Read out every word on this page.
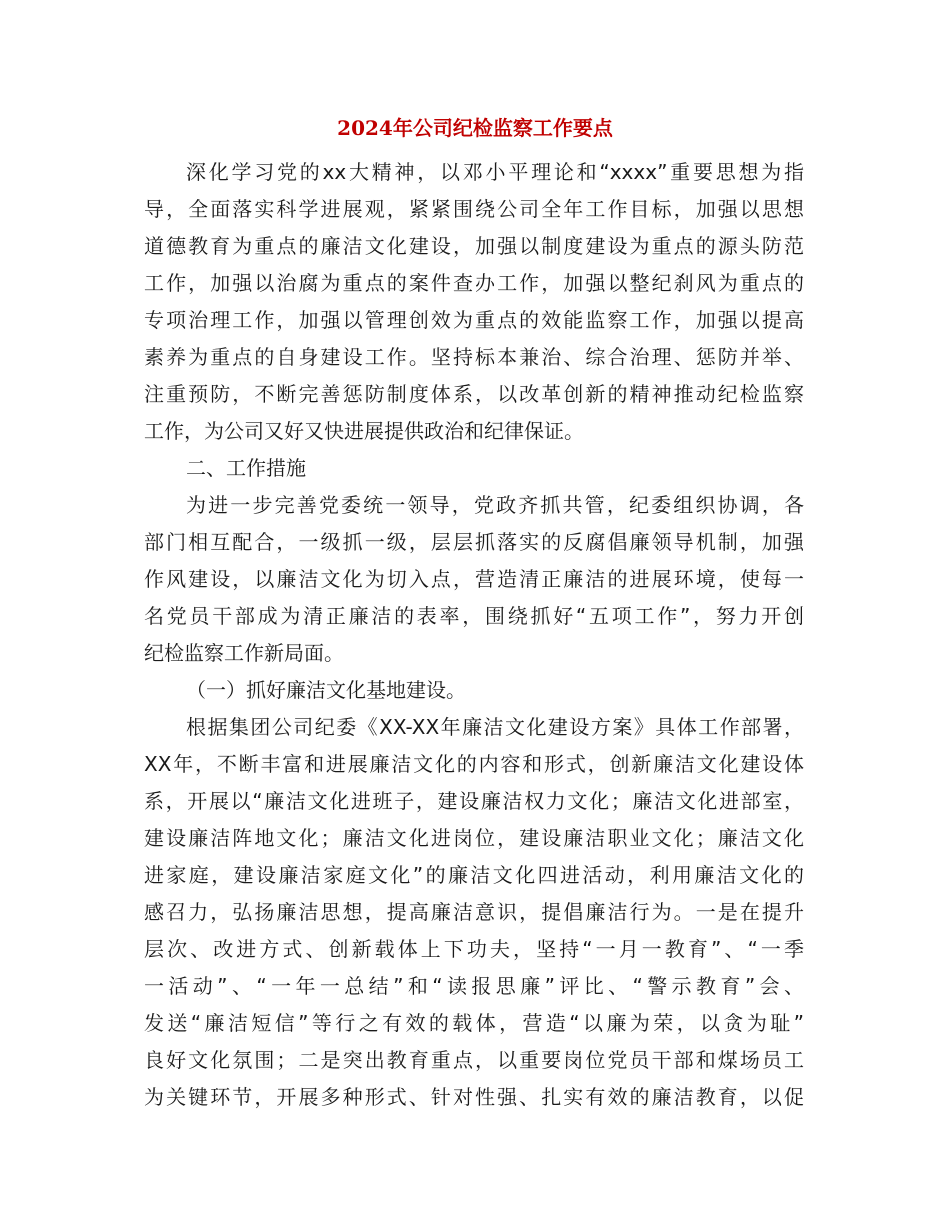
2024年公司纪检监察工作要点
深化学习党的xx大精神，以邓小平理论和“xxxx”重要思想为指
导，全面落实科学进展观，紧紧围绕公司全年工作目标，加强以思想
道德教育为重点的廉洁文化建设，加强以制度建设为重点的源头防范
工作，加强以治腐为重点的案件查办工作，加强以整纪刹风为重点的
专项治理工作，加强以管理创效为重点的效能监察工作，加强以提高
素养为重点的自身建设工作。坚持标本兼治、综合治理、惩防并举、
注重预防，不断完善惩防制度体系，以改革创新的精神推动纪检监察
工作，为公司又好又快进展提供政治和纪律保证。
二、工作措施
为进一步完善党委统一领导，党政齐抓共管，纪委组织协调，各
部门相互配合，一级抓一级，层层抓落实的反腐倡廉领导机制，加强
作风建设，以廉洁文化为切入点，营造清正廉洁的进展环境，使每一
名党员干部成为清正廉洁的表率，围绕抓好“五项工作”，努力开创
纪检监察工作新局面。
（一）抓好廉洁文化基地建设。
根据集团公司纪委《XX-XX年廉洁文化建设方案》具体工作部署，
XX年，不断丰富和进展廉洁文化的内容和形式，创新廉洁文化建设体
系，开展以“廉洁文化进班子，建设廉洁权力文化；廉洁文化进部室，
建设廉洁阵地文化；廉洁文化进岗位，建设廉洁职业文化；廉洁文化
进家庭，建设廉洁家庭文化”的廉洁文化四进活动，利用廉洁文化的
感召力，弘扬廉洁思想，提高廉洁意识，提倡廉洁行为。一是在提升
层次、改进方式、创新载体上下功夫，坚持“一月一教育”、“一季
一活动”、“一年一总结”和“读报思廉”评比、“警示教育”会、
发送“廉洁短信”等行之有效的载体，营造“以廉为荣，以贪为耻”
良好文化氛围；二是突出教育重点，以重要岗位党员干部和煤场员工
为关键环节，开展多种形式、针对性强、扎实有效的廉洁教育，以促
